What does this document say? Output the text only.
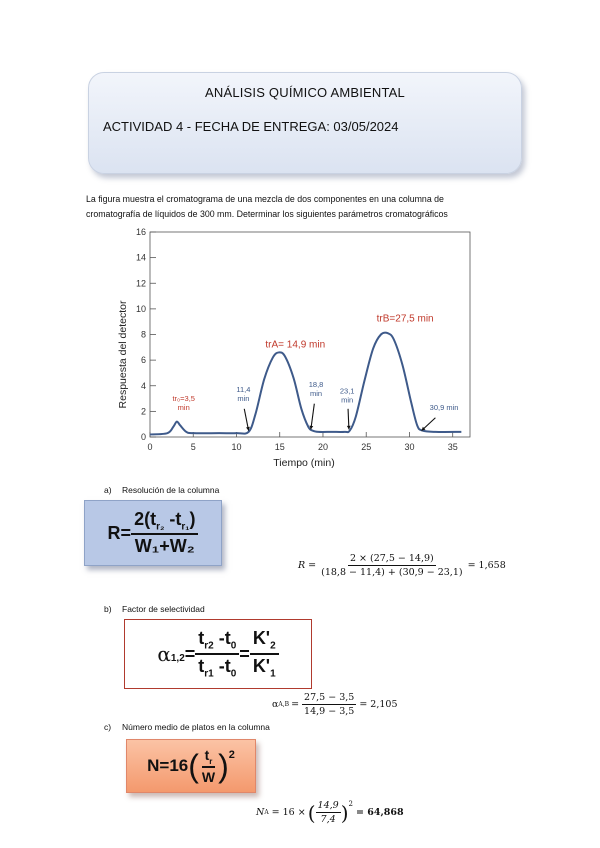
ANÁLISIS QUÍMICO AMBIENTAL
ACTIVIDAD 4 - FECHA DE ENTREGA: 03/05/2024

La figura muestra el cromatograma de una mezcla de dos componentes en una columna de

cromatografía de líquidos de 300 mm. Determinar los siguientes parámetros cromatográficos

0
2
4
6
8
10
12
14
16
0	5	10	15	20	25	30	35
Tiempo (min)
Respuesta del detector	trA= 14,9 min
trB=27,5 min
tr₀=3,5
min
11,4
min
18,8
min 23,1
min
30,9 min
a) Resolución de la columna
$R= \frac{2(t_{r_2} -t_{r_1})}{\text{W₁+W₂}}$
$R = \frac{2 \times (27,5 - 14,9)}{(18,8 - 11,4) + (30,9 - 23,1)} = 1,658$
b) Factor de selectividad
$\alpha_{1,2} = \frac{t_{r2} -t_0}{t_{r1} -t_0} = \frac{K'_2}{K'_1}$
α $A,B = \frac{27,5 - 3,5}{14,9 - 3,5} = 2,105$
c) Número medio de platos en la columna
N=16 ( $\frac{t_r}{W} )^2$
N A = 16 × ( $\frac{14,9}{7,4} )^2$
= 64,868
